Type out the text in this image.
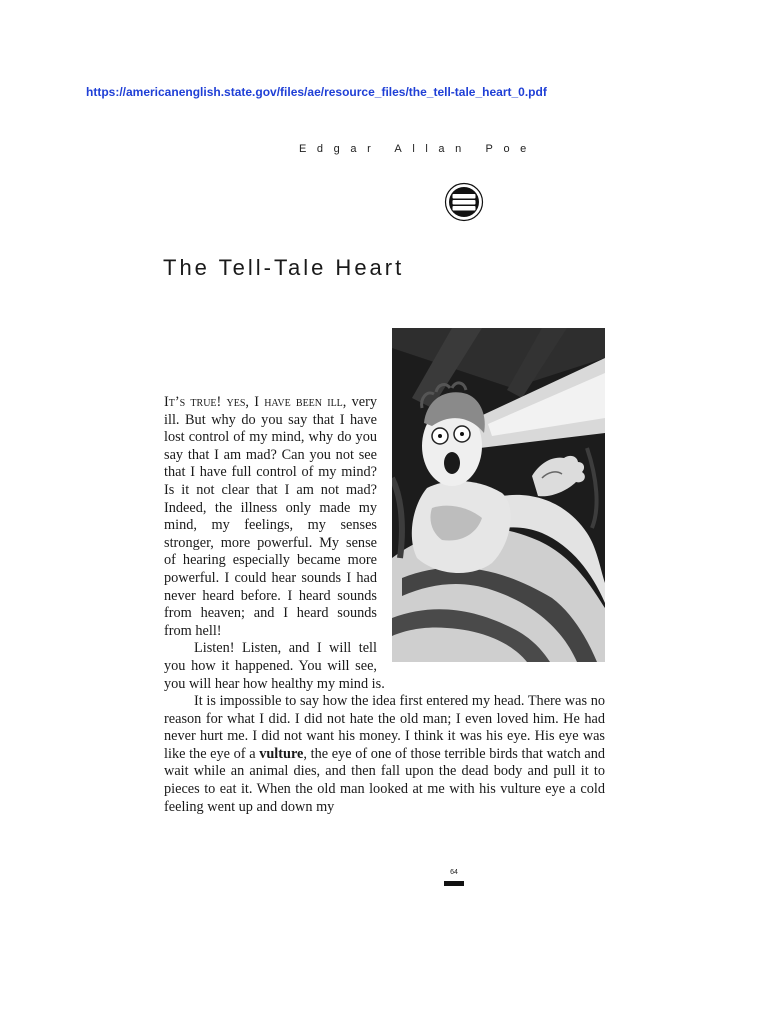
https://americanenglish.state.gov/files/ae/resource_files/the_tell-tale_heart_0.pdf
Edgar Allan Poe
The Tell-Tale Heart

It’s true! yes, I have been ill, very ill. But why do you say that I have lost control of my mind, why do you say that I am mad? Can you not see that I have full control of my mind? Is it not clear that I am not mad? Indeed, the illness only made my mind, my feelings, my senses stronger, more powerful. My sense of hearing especially became more powerful. I could hear sounds I had never heard before. I heard sounds from heaven; and I heard sounds from hell!

Listen! Listen, and I will tell you how it happened. You will see, you will hear how healthy my mind is.

It is impossible to say how the idea first entered my head. There was no reason for what I did. I did not hate the old man; I even loved him. He had never hurt me. I did not want his money. I think it was his eye. His eye was like the eye of a vulture, the eye of one of those terrible birds that watch and wait while an animal dies, and then fall upon the dead body and pull it to pieces to eat it. When the old man looked at me with his vulture eye a cold feeling went up and down my

64
